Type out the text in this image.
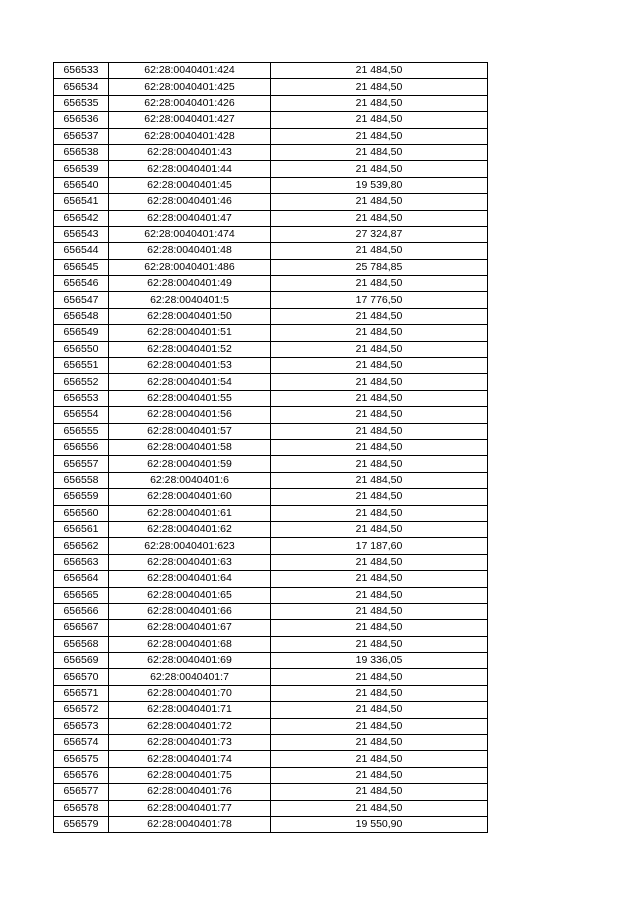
656533	62:28:0040401:424	21 484,50
656534	62:28:0040401:425	21 484,50
656535	62:28:0040401:426	21 484,50
656536	62:28:0040401:427	21 484,50
656537	62:28:0040401:428	21 484,50
656538	62:28:0040401:43	21 484,50
656539	62:28:0040401:44	21 484,50
656540	62:28:0040401:45	19 539,80
656541	62:28:0040401:46	21 484,50
656542	62:28:0040401:47	21 484,50
656543	62:28:0040401:474	27 324,87
656544	62:28:0040401:48	21 484,50
656545	62:28:0040401:486	25 784,85
656546	62:28:0040401:49	21 484,50
656547	62:28:0040401:5	17 776,50
656548	62:28:0040401:50	21 484,50
656549	62:28:0040401:51	21 484,50
656550	62:28:0040401:52	21 484,50
656551	62:28:0040401:53	21 484,50
656552	62:28:0040401:54	21 484,50
656553	62:28:0040401:55	21 484,50
656554	62:28:0040401:56	21 484,50
656555	62:28:0040401:57	21 484,50
656556	62:28:0040401:58	21 484,50
656557	62:28:0040401:59	21 484,50
656558	62:28:0040401:6	21 484,50
656559	62:28:0040401:60	21 484,50
656560	62:28:0040401:61	21 484,50
656561	62:28:0040401:62	21 484,50
656562	62:28:0040401:623	17 187,60
656563	62:28:0040401:63	21 484,50
656564	62:28:0040401:64	21 484,50
656565	62:28:0040401:65	21 484,50
656566	62:28:0040401:66	21 484,50
656567	62:28:0040401:67	21 484,50
656568	62:28:0040401:68	21 484,50
656569	62:28:0040401:69	19 336,05
656570	62:28:0040401:7	21 484,50
656571	62:28:0040401:70	21 484,50
656572	62:28:0040401:71	21 484,50
656573	62:28:0040401:72	21 484,50
656574	62:28:0040401:73	21 484,50
656575	62:28:0040401:74	21 484,50
656576	62:28:0040401:75	21 484,50
656577	62:28:0040401:76	21 484,50
656578	62:28:0040401:77	21 484,50
656579	62:28:0040401:78	19 550,90
